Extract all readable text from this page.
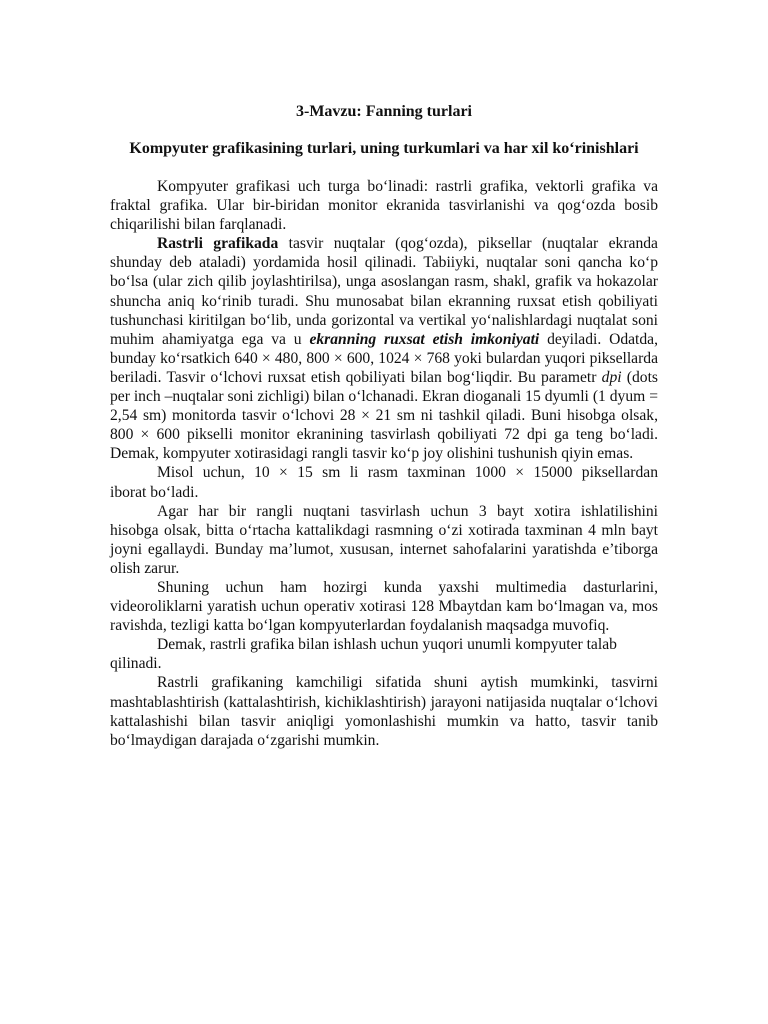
3-Mavzu: Fanning turlari
Kompyuter grafikasining turlari, uning turkumlari va har xil ko‘rinishlari

Kompyuter grafikasi uch turga bo‘linadi: rastrli grafika, vektorli grafika va fraktal grafika. Ular bir-biridan monitor ekranida tasvirlanishi va qog‘ozda bosib chiqarilishi bilan farqlanadi.

Rastrli grafikada tasvir nuqtalar (qog‘ozda), piksellar (nuqtalar ekranda shunday deb ataladi) yordamida hosil qilinadi. Tabiiyki, nuqtalar soni qancha ko‘p bo‘lsa (ular zich qilib joylashtirilsa), unga asoslangan rasm, shakl, grafik va hokazolar shuncha aniq ko‘rinib turadi. Shu munosabat bilan ekranning ruxsat etish qobiliyati tushunchasi kiritilgan bo‘lib, unda gorizontal va vertikal yo‘nalishlardagi nuqtalat soni muhim ahamiyatga ega va u ekranning ruxsat etish imkoniyati deyiladi. Odatda, bunday ko‘rsatkich 640 × 480, 800 × 600, 1024 × 768 yoki bulardan yuqori piksellarda beriladi. Tasvir o‘lchovi ruxsat etish qobiliyati bilan bog‘liqdir. Bu parametr dpi (dots per inch –nuqtalar soni zichligi) bilan o‘lchanadi. Ekran dioganali 15 dyumli (1 dyum = 2,54 sm) monitorda tasvir o‘lchovi 28 × 21 sm ni tashkil qiladi. Buni hisobga olsak, 800 × 600 pikselli monitor ekranining tasvirlash qobiliyati 72 dpi ga teng bo‘ladi. Demak, kompyuter xotirasidagi rangli tasvir ko‘p joy olishini tushunish qiyin emas.

Misol uchun, 10 × 15 sm li rasm taxminan 1000 × 15000 piksellardan

iborat bo‘ladi.

Agar har bir rangli nuqtani tasvirlash uchun 3 bayt xotira ishlatilishini

hisobga olsak, bitta o‘rtacha kattalikdagi rasmning o‘zi xotirada taxminan 4 mln bayt joyni egallaydi. Bunday ma’lumot, xususan, internet sahofalarini yaratishda e’tiborga olish zarur.

Shuning uchun ham hozirgi kunda yaxshi multimedia dasturlarini, videoroliklarni yaratish uchun operativ xotirasi 128 Mbaytdan kam bo‘lmagan va, mos ravishda, tezligi katta bo‘lgan kompyuterlardan foydalanish maqsadga muvofiq.

Demak, rastrli grafika bilan ishlash uchun yuqori unumli kompyuter talab qilinadi.

Rastrli grafikaning kamchiligi sifatida shuni aytish mumkinki, tasvirni mashtablashtirish (kattalashtirish, kichiklashtirish) jarayoni natijasida nuqtalar o‘lchovi kattalashishi bilan tasvir aniqligi yomonlashishi mumkin va hatto, tasvir tanib bo‘lmaydigan darajada o‘zgarishi mumkin.
